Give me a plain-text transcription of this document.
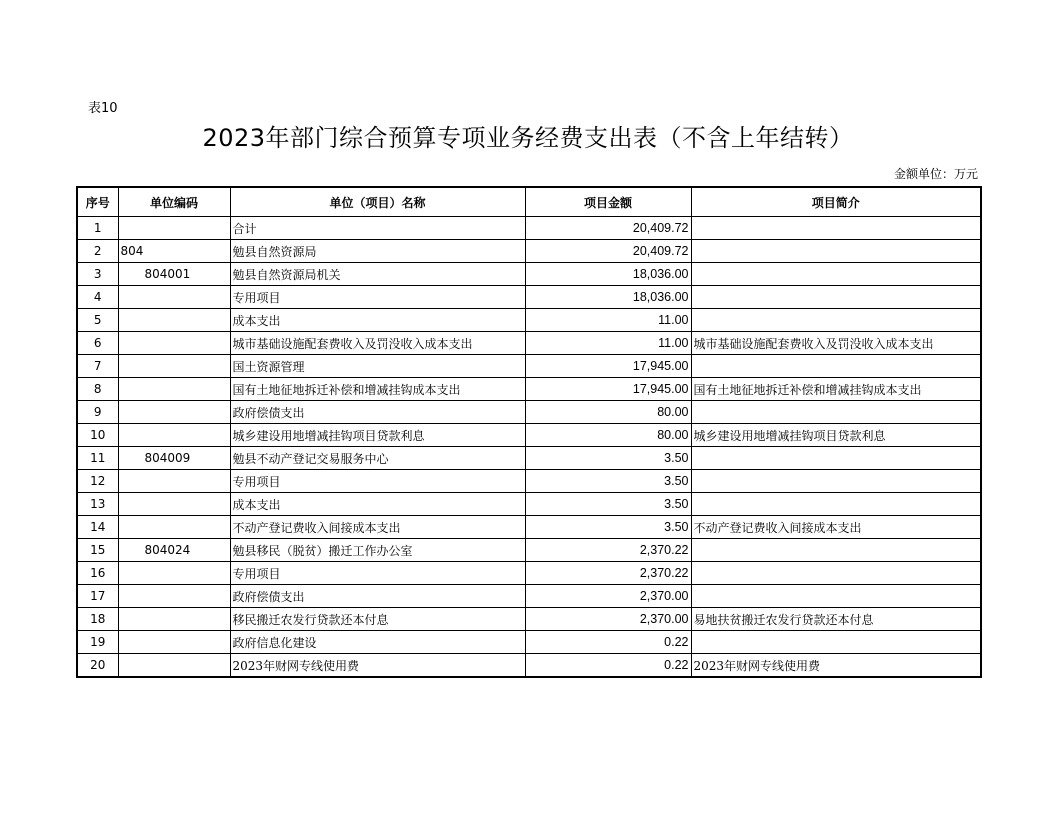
表10
2023年部门综合预算专项业务经费支出表（不含上年结转）
金额单位：万元
序号	单位编码	单位（项目）名称	项目金额	项目简介
1		合计	20,409.72	
2	804	勉县自然资源局	20,409.72	
3	804001	勉县自然资源局机关	18,036.00	
4		专用项目	18,036.00	
5		成本支出	11.00	
6		城市基础设施配套费收入及罚没收入成本支出	11.00	城市基础设施配套费收入及罚没收入成本支出
7		国土资源管理	17,945.00	
8		国有土地征地拆迁补偿和增减挂钩成本支出	17,945.00	国有土地征地拆迁补偿和增减挂钩成本支出
9		政府偿债支出	80.00	
10		城乡建设用地增减挂钩项目贷款利息	80.00	城乡建设用地增减挂钩项目贷款利息
11	804009	勉县不动产登记交易服务中心	3.50	
12		专用项目	3.50	
13		成本支出	3.50	
14		不动产登记费收入间接成本支出	3.50	不动产登记费收入间接成本支出
15	804024	勉县移民（脱贫）搬迁工作办公室	2,370.22	
16		专用项目	2,370.22	
17		政府偿债支出	2,370.00	
18		移民搬迁农发行贷款还本付息	2,370.00	易地扶贫搬迁农发行贷款还本付息
19		政府信息化建设	0.22	
20		2023年财网专线使用费	0.22	2023年财网专线使用费
